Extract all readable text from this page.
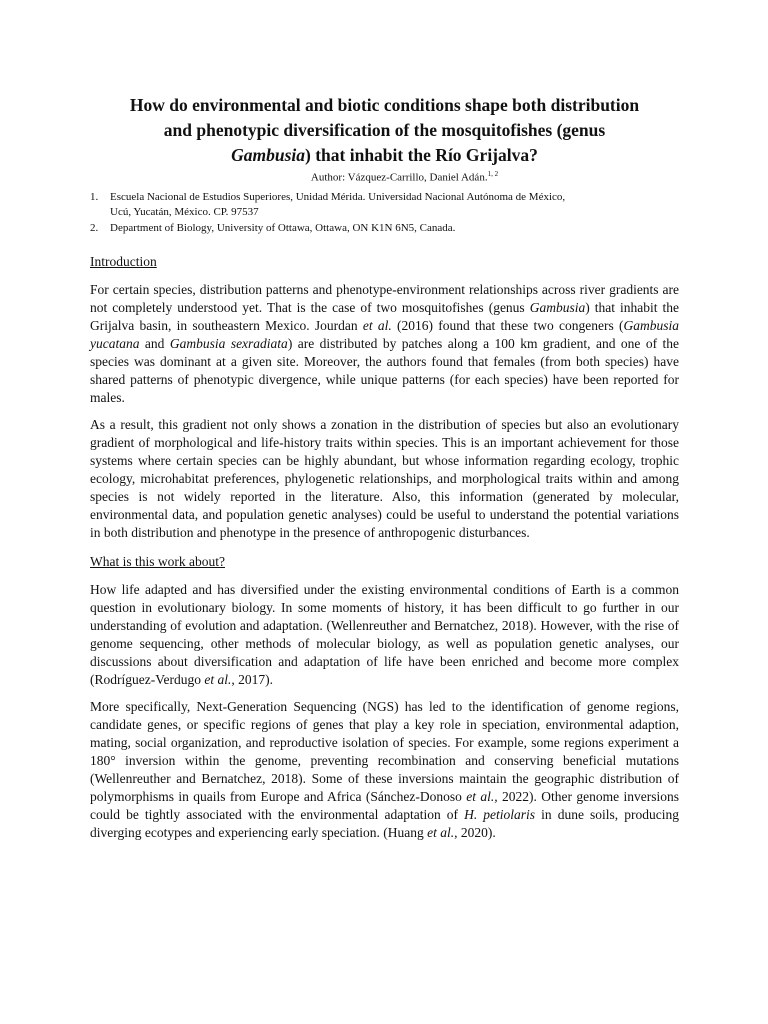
How do environmental and biotic conditions shape both distribution
and phenotypic diversification of the mosquitofishes (genus
Gambusia) that inhabit the Río Grijalva?
Author: Vázquez-Carrillo, Daniel Adán.$^{1, 2}$
1. Escuela Nacional de Estudios Superiores, Unidad Mérida. Universidad Nacional Autónoma de México,
Ucú, Yucatán, México. CP. 97537
2. Department of Biology, University of Ottawa, Ottawa, ON K1N 6N5, Canada.
Introduction

For certain species, distribution patterns and phenotype-environment relationships across river gradients are not completely understood yet. That is the case of two mosquitofishes (genus Gambusia) that inhabit the Grijalva basin, in southeastern Mexico. Jourdan et al. (2016) found that these two congeners (Gambusia yucatana and Gambusia sexradiata) are distributed by patches along a 100 km gradient, and one of the species was dominant at a given site. Moreover, the authors found that females (from both species) have shared patterns of phenotypic divergence, while unique patterns (for each species) have been reported for males.

As a result, this gradient not only shows a zonation in the distribution of species but also an evolutionary gradient of morphological and life-history traits within species. This is an important achievement for those systems where certain species can be highly abundant, but whose information regarding ecology, trophic ecology, microhabitat preferences, phylogenetic relationships, and morphological traits within and among species is not widely reported in the literature. Also, this information (generated by molecular, environmental data, and population genetic analyses) could be useful to understand the potential variations in both distribution and phenotype in the presence of anthropogenic disturbances.

What is this work about?

How life adapted and has diversified under the existing environmental conditions of Earth is a common question in evolutionary biology. In some moments of history, it has been difficult to go further in our understanding of evolution and adaptation. (Wellenreuther and Bernatchez, 2018). However, with the rise of genome sequencing, other methods of molecular biology, as well as population genetic analyses, our discussions about diversification and adaptation of life have been enriched and become more complex (Rodríguez-Verdugo et al., 2017).

More specifically, Next-Generation Sequencing (NGS) has led to the identification of genome regions, candidate genes, or specific regions of genes that play a key role in speciation, environmental adaption, mating, social organization, and reproductive isolation of species. For example, some regions experiment a 180° inversion within the genome, preventing recombination and conserving beneficial mutations (Wellenreuther and Bernatchez, 2018). Some of these inversions maintain the geographic distribution of polymorphisms in quails from Europe and Africa (Sánchez-Donoso et al., 2022). Other genome inversions could be tightly associated with the environmental adaptation of H. petiolaris in dune soils, producing diverging ecotypes and experiencing early speciation. (Huang et al., 2020).
